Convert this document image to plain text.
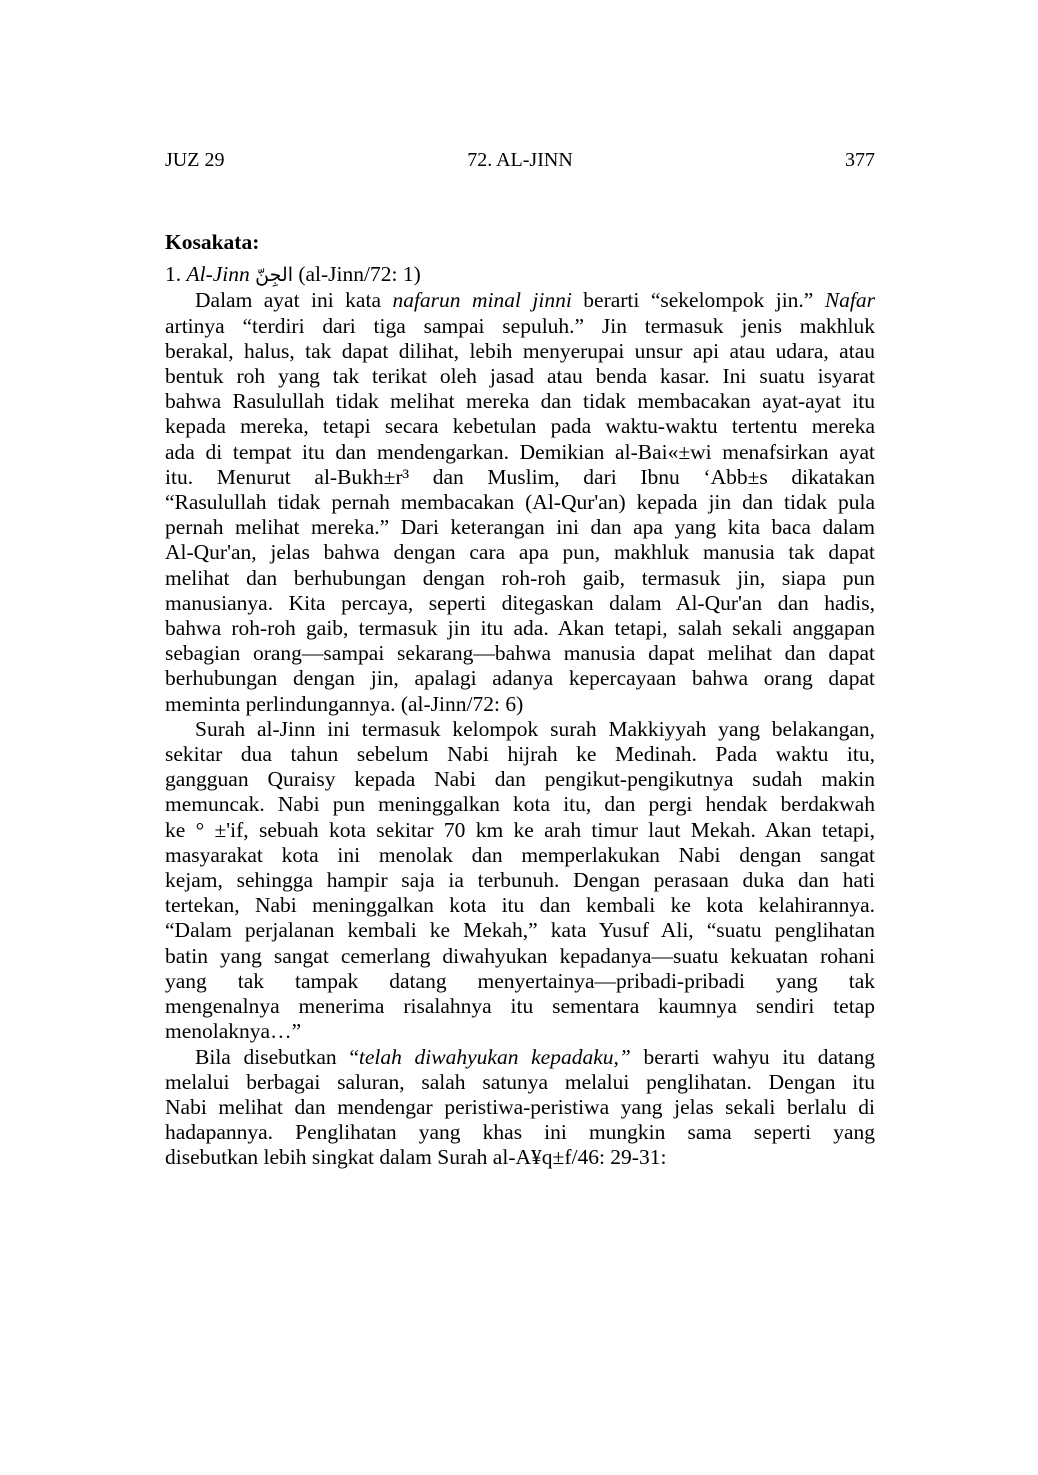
JUZ 29	72. AL-JINN	377
Kosakata:
1. Al-Jinn الجِنّ (al-Jinn/72: 1)
Dalam ayat ini kata nafarun minal jinni berarti “sekelompok jin.” Nafar
artinya “terdiri dari tiga sampai sepuluh.” Jin termasuk jenis makhluk
berakal, halus, tak dapat dilihat, lebih menyerupai unsur api atau udara, atau
bentuk roh yang tak terikat oleh jasad atau benda kasar. Ini suatu isyarat
bahwa Rasulullah tidak melihat mereka dan tidak membacakan ayat-ayat itu
kepada mereka, tetapi secara kebetulan pada waktu-waktu tertentu mereka
ada di tempat itu dan mendengarkan. Demikian al-Bai«±wi menafsirkan ayat
itu. Menurut al-Bukh±r³ dan Muslim, dari Ibnu ‘Abb±s dikatakan
“Rasulullah tidak pernah membacakan (Al-Qur'an) kepada jin dan tidak pula
pernah melihat mereka.” Dari keterangan ini dan apa yang kita baca dalam
Al-Qur'an, jelas bahwa dengan cara apa pun, makhluk manusia tak dapat
melihat dan berhubungan dengan roh-roh gaib, termasuk jin, siapa pun
manusianya. Kita percaya, seperti ditegaskan dalam Al-Qur'an dan hadis,
bahwa roh-roh gaib, termasuk jin itu ada. Akan tetapi, salah sekali anggapan
sebagian orang—sampai sekarang—bahwa manusia dapat melihat dan dapat
berhubungan dengan jin, apalagi adanya kepercayaan bahwa orang dapat
meminta perlindungannya. (al-Jinn/72: 6)
Surah al-Jinn ini termasuk kelompok surah Makkiyyah yang belakangan,
sekitar dua tahun sebelum Nabi hijrah ke Medinah. Pada waktu itu,
gangguan Quraisy kepada Nabi dan pengikut-pengikutnya sudah makin
memuncak. Nabi pun meninggalkan kota itu, dan pergi hendak berdakwah
ke ° ±'if, sebuah kota sekitar 70 km ke arah timur laut Mekah. Akan tetapi,
masyarakat kota ini menolak dan memperlakukan Nabi dengan sangat
kejam, sehingga hampir saja ia terbunuh. Dengan perasaan duka dan hati
tertekan, Nabi meninggalkan kota itu dan kembali ke kota kelahirannya.
“Dalam perjalanan kembali ke Mekah,” kata Yusuf Ali, “suatu penglihatan
batin yang sangat cemerlang diwahyukan kepadanya—suatu kekuatan rohani
yang tak tampak datang menyertainya—pribadi-pribadi yang tak
mengenalnya menerima risalahnya itu sementara kaumnya sendiri tetap
menolaknya…”
Bila disebutkan “telah diwahyukan kepadaku,” berarti wahyu itu datang
melalui berbagai saluran, salah satunya melalui penglihatan. Dengan itu
Nabi melihat dan mendengar peristiwa-peristiwa yang jelas sekali berlalu di
hadapannya. Penglihatan yang khas ini mungkin sama seperti yang
disebutkan lebih singkat dalam Surah al-A¥q±f/46: 29-31:
